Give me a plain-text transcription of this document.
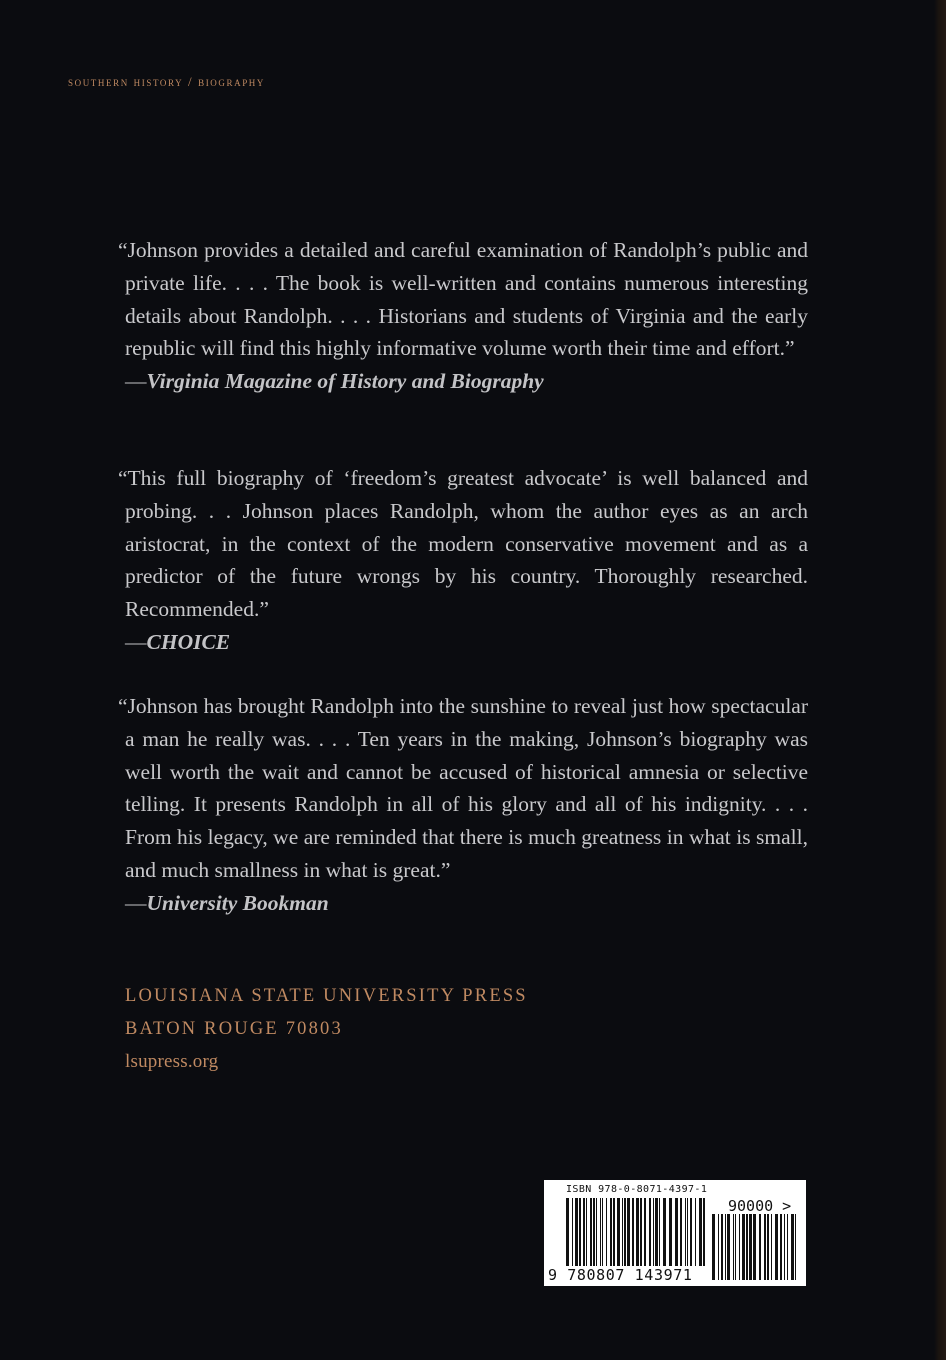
southern history / biography

“Johnson provides a detailed and careful examination of Randolph’s public and private life. . . . The book is well-written and contains numerous interesting details about Randolph. . . . Historians and students of Virginia and the early republic will find this highly informative volume worth their time and effort.”

—Virginia Magazine of History and Biography

“This full biography of ‘freedom’s greatest advocate’ is well balanced and probing. . . Johnson places Randolph, whom the author eyes as an arch aristocrat, in the context of the modern conservative movement and as a predictor of the future wrongs by his country. Thoroughly researched. Recommended.”

—CHOICE

“Johnson has brought Randolph into the sunshine to reveal just how spectacular a man he really was. . . . Ten years in the making, Johnson’s biography was well worth the wait and cannot be accused of historical amnesia or selective telling. It presents Randolph in all of his glory and all of his indignity. . . . From his legacy, we are reminded that there is much greatness in what is small, and much smallness in what is great.”

—University Bookman

LOUISIANA STATE UNIVERSITY PRESS
BATON ROUGE 70803
lsupress.org
ISBN 978-0-8071-4397-1
90000 >
9 780807 143971
